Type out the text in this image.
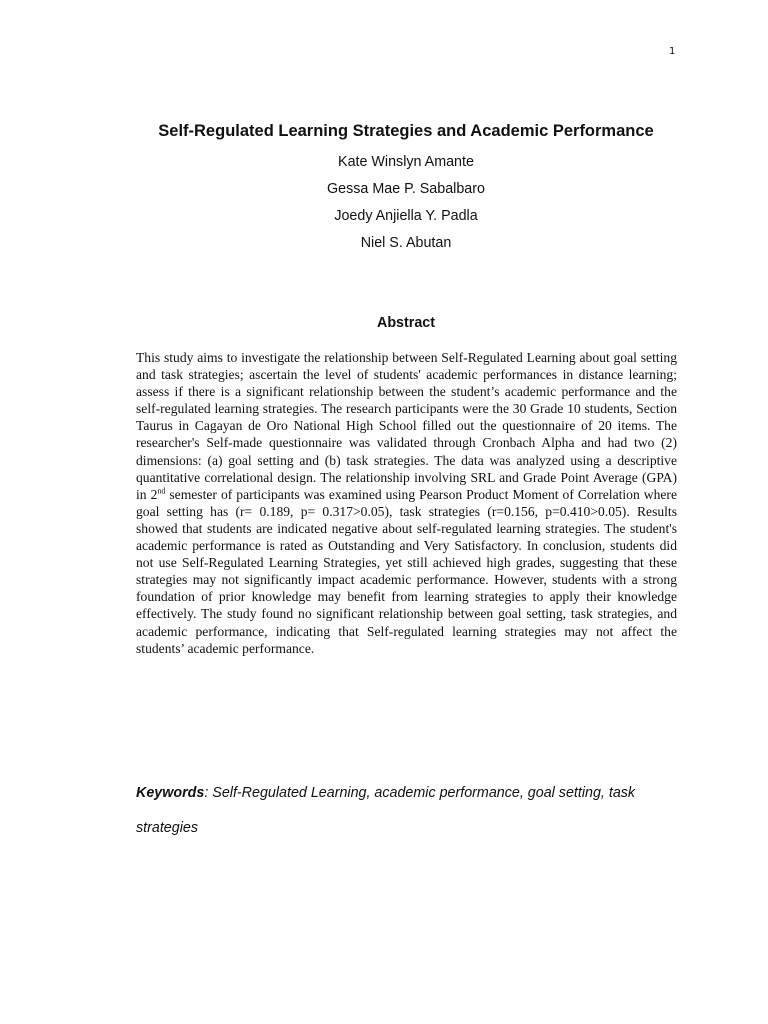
1
Self-Regulated Learning Strategies and Academic Performance
Kate Winslyn Amante
Gessa Mae P. Sabalbaro
Joedy Anjiella Y. Padla
Niel S. Abutan
Abstract

This study aims to investigate the relationship between Self-Regulated Learning about goal setting and task strategies; ascertain the level of students' academic performances in distance learning; assess if there is a significant relationship between the student’s academic performance and the self-regulated learning strategies. The research participants were the 30 Grade 10 students, Section Taurus in Cagayan de Oro National High School filled out the questionnaire of 20 items. The researcher's Self-made questionnaire was validated through Cronbach Alpha and had two (2) dimensions: (a) goal setting and (b) task strategies. The data was analyzed using a descriptive quantitative correlational design. The relationship involving SRL and Grade Point Average (GPA) in 2nd semester of participants was examined using Pearson Product Moment of Correlation where goal setting has (r= 0.189, p= 0.317>0.05), task strategies (r=0.156, p=0.410>0.05). Results showed that students are indicated negative about self-regulated learning strategies. The student's academic performance is rated as Outstanding and Very Satisfactory. In conclusion, students did not use Self-Regulated Learning Strategies, yet still achieved high grades, suggesting that these strategies may not significantly impact academic performance. However, students with a strong foundation of prior knowledge may benefit from learning strategies to apply their knowledge effectively. The study found no significant relationship between goal setting, task strategies, and academic performance, indicating that Self-regulated learning strategies may not affect the students’ academic performance.

Keywords: Self-Regulated Learning, academic performance, goal setting, task strategies
